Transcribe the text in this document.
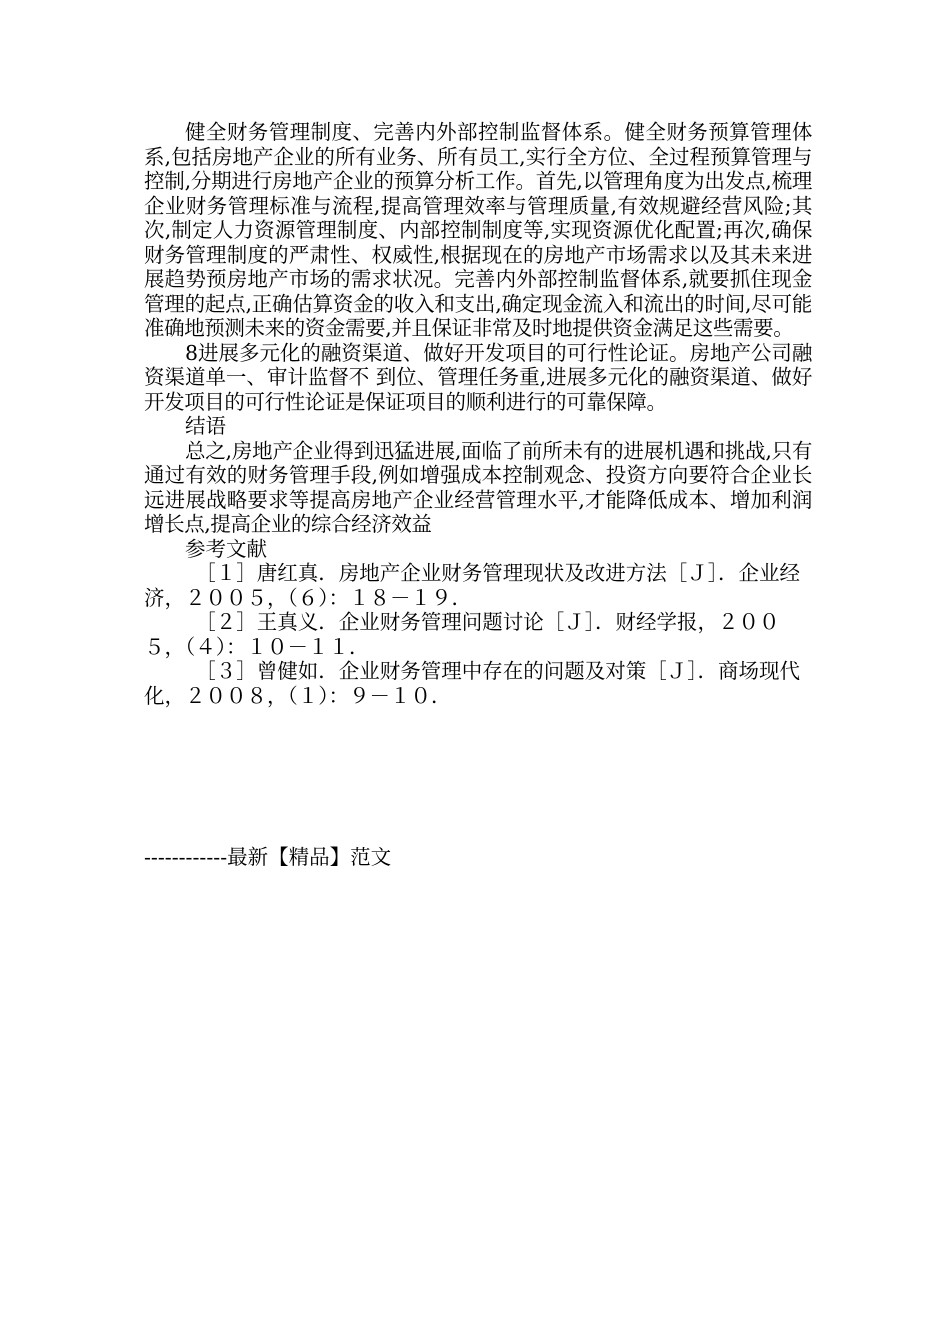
健全财务管理制度、完善内外部控制监督体系。健全财务预算管理体系,包括房地产企业的所有业务、所有员工,实行全方位、全过程预算管理与控制,分期进行房地产企业的预算分析工作。首先,以管理角度为出发点,梳理企业财务管理标准与流程,提高管理效率与管理质量,有效规避经营风险;其次,制定人力资源管理制度、内部控制制度等,实现资源优化配置;再次,确保财务管理制度的严肃性、权威性,根据现在的房地产市场需求以及其未来进展趋势预房地产市场的需求状况。完善内外部控制监督体系,就要抓住现金管理的起点,正确估算资金的收入和支出,确定现金流入和流出的时间,尽可能准确地预测未来的资金需要,并且保证非常及时地提供资金满足这些需要。

8进展多元化的融资渠道、做好开发项目的可行性论证。房地产公司融资渠道单一、审计监督不 到位、管理任务重,进展多元化的融资渠道、做好开发项目的可行性论证是保证项目的顺利进行的可靠保障。

结语

总之,房地产企业得到迅猛进展,面临了前所未有的进展机遇和挑战,只有通过有效的财务管理手段,例如增强成本控制观念、投资方向要符合企业长远进展战略要求等提高房地产企业经营管理水平,才能降低成本、增加利润增长点,提高企业的综合经济效益

参考文献

［１］唐红真．房地产企业财务管理现状及改进方法［Ｊ］．企业经济，２００５，（６）：１８－１９．

［２］王真义．企业财务管理问题讨论［Ｊ］．财经学报，２００５，（４）：１０－１１．

［３］曾健如．企业财务管理中存在的问题及对策［Ｊ］．商场现代化，２００８，（１）：９－１０．

------------最新【精品】范文
